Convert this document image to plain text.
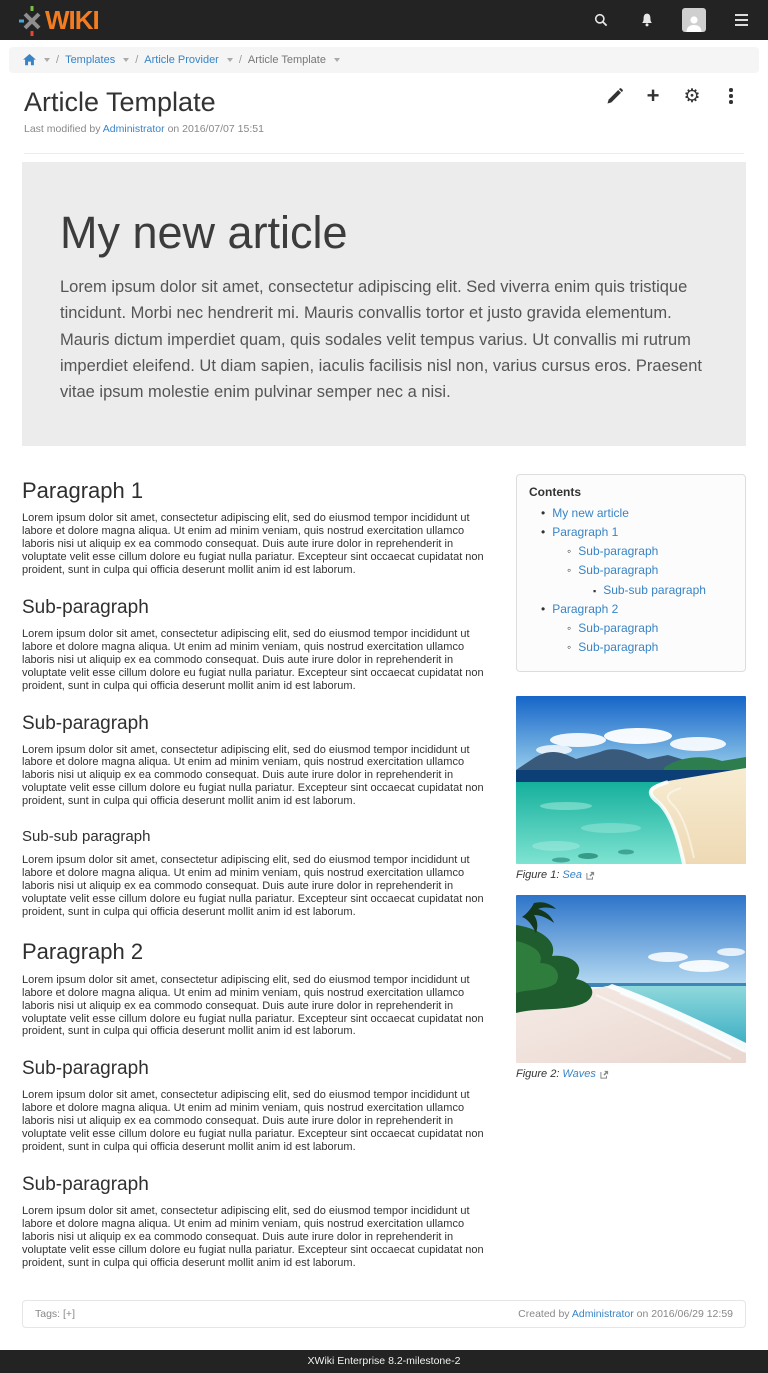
WIKI
/ Templates / Article Provider / Article Template
Article Template
Last modified by Administrator on 2016/07/07 15:51
+ ⚙
My new article

Lorem ipsum dolor sit amet, consectetur adipiscing elit. Sed viverra enim quis tristique tincidunt. Morbi nec hendrerit mi. Mauris convallis tortor et justo gravida elementum. Mauris dictum imperdiet quam, quis sodales velit tempus varius. Ut convallis mi rutrum imperdiet eleifend. Ut diam sapien, iaculis facilisis nisl non, varius cursus eros. Praesent vitae ipsum molestie enim pulvinar semper nec a nisi.

Paragraph 1

Lorem ipsum dolor sit amet, consectetur adipiscing elit, sed do eiusmod tempor incididunt ut labore et dolore magna aliqua. Ut enim ad minim veniam, quis nostrud exercitation ullamco laboris nisi ut aliquip ex ea commodo consequat. Duis aute irure dolor in reprehenderit in voluptate velit esse cillum dolore eu fugiat nulla pariatur. Excepteur sint occaecat cupidatat non proident, sunt in culpa qui officia deserunt mollit anim id est laborum.

Sub-paragraph

Lorem ipsum dolor sit amet, consectetur adipiscing elit, sed do eiusmod tempor incididunt ut labore et dolore magna aliqua. Ut enim ad minim veniam, quis nostrud exercitation ullamco laboris nisi ut aliquip ex ea commodo consequat. Duis aute irure dolor in reprehenderit in voluptate velit esse cillum dolore eu fugiat nulla pariatur. Excepteur sint occaecat cupidatat non proident, sunt in culpa qui officia deserunt mollit anim id est laborum.

Sub-paragraph

Lorem ipsum dolor sit amet, consectetur adipiscing elit, sed do eiusmod tempor incididunt ut labore et dolore magna aliqua. Ut enim ad minim veniam, quis nostrud exercitation ullamco laboris nisi ut aliquip ex ea commodo consequat. Duis aute irure dolor in reprehenderit in voluptate velit esse cillum dolore eu fugiat nulla pariatur. Excepteur sint occaecat cupidatat non proident, sunt in culpa qui officia deserunt mollit anim id est laborum.

Sub-sub paragraph

Lorem ipsum dolor sit amet, consectetur adipiscing elit, sed do eiusmod tempor incididunt ut labore et dolore magna aliqua. Ut enim ad minim veniam, quis nostrud exercitation ullamco laboris nisi ut aliquip ex ea commodo consequat. Duis aute irure dolor in reprehenderit in voluptate velit esse cillum dolore eu fugiat nulla pariatur. Excepteur sint occaecat cupidatat non proident, sunt in culpa qui officia deserunt mollit anim id est laborum.

Paragraph 2

Lorem ipsum dolor sit amet, consectetur adipiscing elit, sed do eiusmod tempor incididunt ut labore et dolore magna aliqua. Ut enim ad minim veniam, quis nostrud exercitation ullamco laboris nisi ut aliquip ex ea commodo consequat. Duis aute irure dolor in reprehenderit in voluptate velit esse cillum dolore eu fugiat nulla pariatur. Excepteur sint occaecat cupidatat non proident, sunt in culpa qui officia deserunt mollit anim id est laborum.

Sub-paragraph

Lorem ipsum dolor sit amet, consectetur adipiscing elit, sed do eiusmod tempor incididunt ut labore et dolore magna aliqua. Ut enim ad minim veniam, quis nostrud exercitation ullamco laboris nisi ut aliquip ex ea commodo consequat. Duis aute irure dolor in reprehenderit in voluptate velit esse cillum dolore eu fugiat nulla pariatur. Excepteur sint occaecat cupidatat non proident, sunt in culpa qui officia deserunt mollit anim id est laborum.

Sub-paragraph

Lorem ipsum dolor sit amet, consectetur adipiscing elit, sed do eiusmod tempor incididunt ut labore et dolore magna aliqua. Ut enim ad minim veniam, quis nostrud exercitation ullamco laboris nisi ut aliquip ex ea commodo consequat. Duis aute irure dolor in reprehenderit in voluptate velit esse cillum dolore eu fugiat nulla pariatur. Excepteur sint occaecat cupidatat non proident, sunt in culpa qui officia deserunt mollit anim id est laborum.

Contents
•
My new article
•
Paragraph 1
◦
Sub-paragraph
◦
Sub-paragraph
▪
Sub-sub paragraph
•
Paragraph 2
◦
Sub-paragraph
◦
Sub-paragraph
Figure 1: Sea
Figure 2: Waves
Tags: [+]	Created by Administrator on 2016/06/29 12:59
XWiki Enterprise 8.2-milestone-2
